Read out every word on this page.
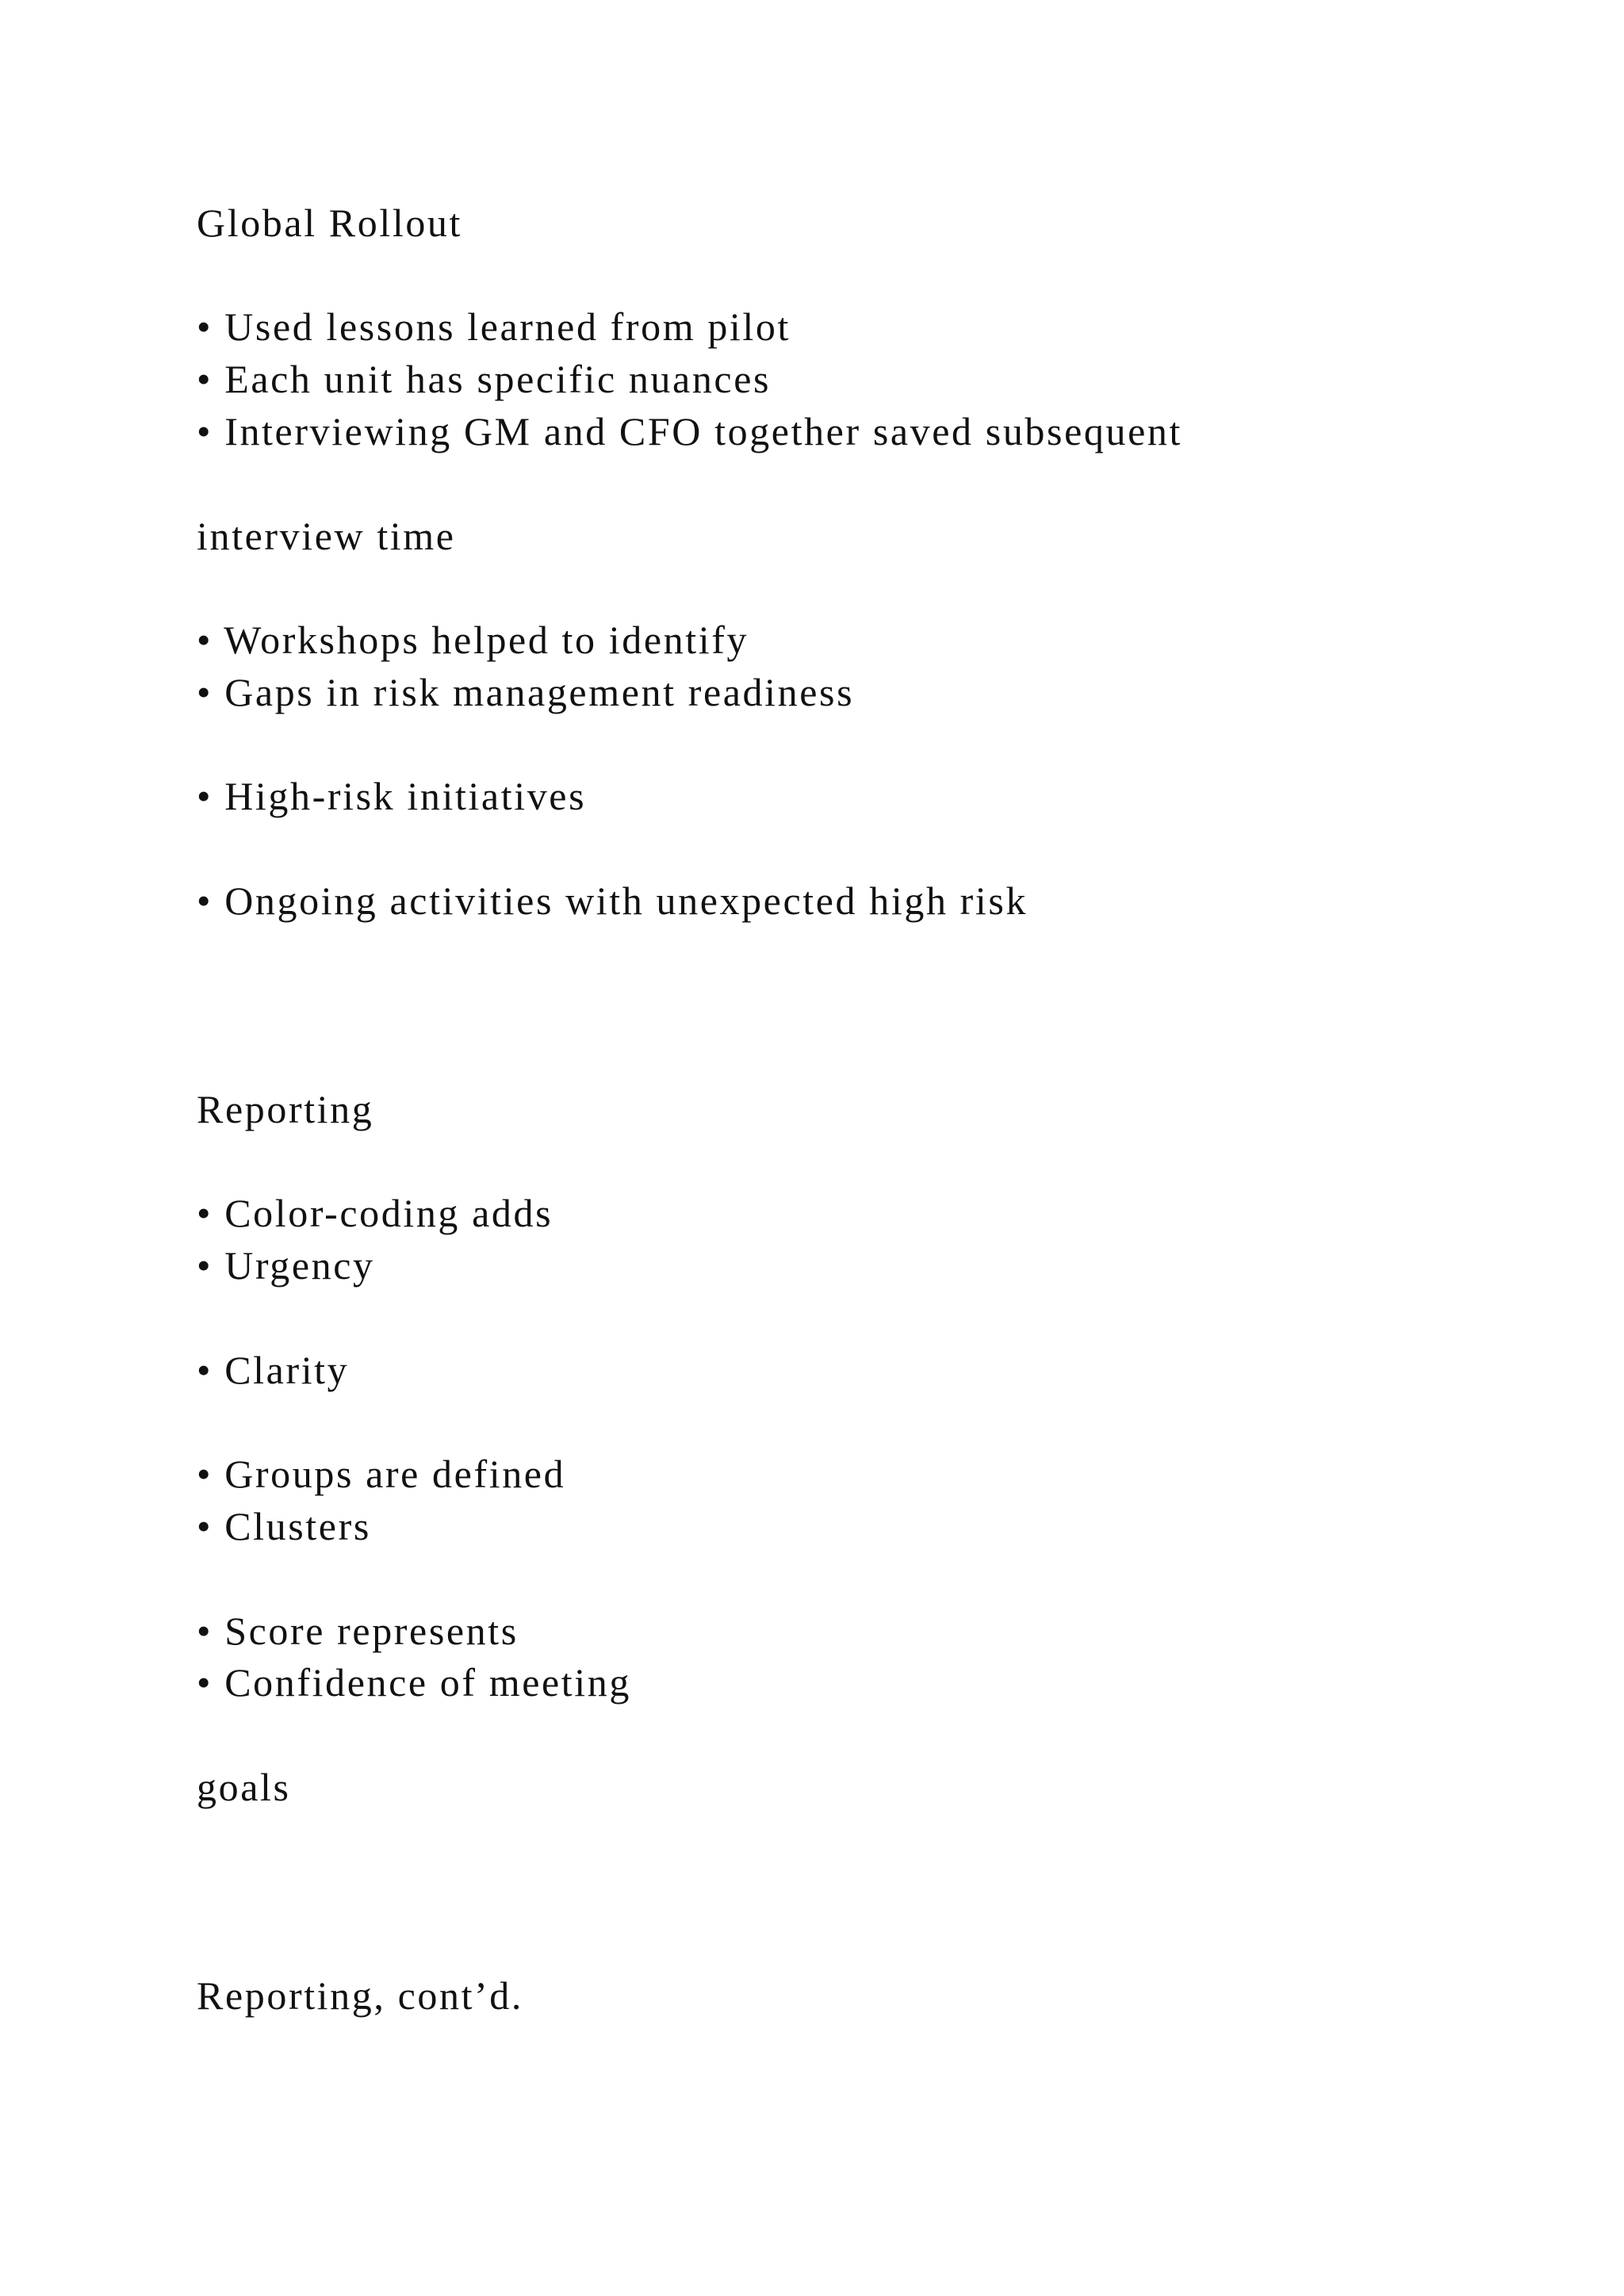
Global Rollout
• Used lessons learned from pilot
• Each unit has specific nuances
• Interviewing GM and CFO together saved subsequent
interview time
• Workshops helped to identify
• Gaps in risk management readiness
• High-risk initiatives
• Ongoing activities with unexpected high risk
Reporting
• Color-coding adds
• Urgency
• Clarity
• Groups are defined
• Clusters
• Score represents
• Confidence of meeting
goals
Reporting, cont’d.
